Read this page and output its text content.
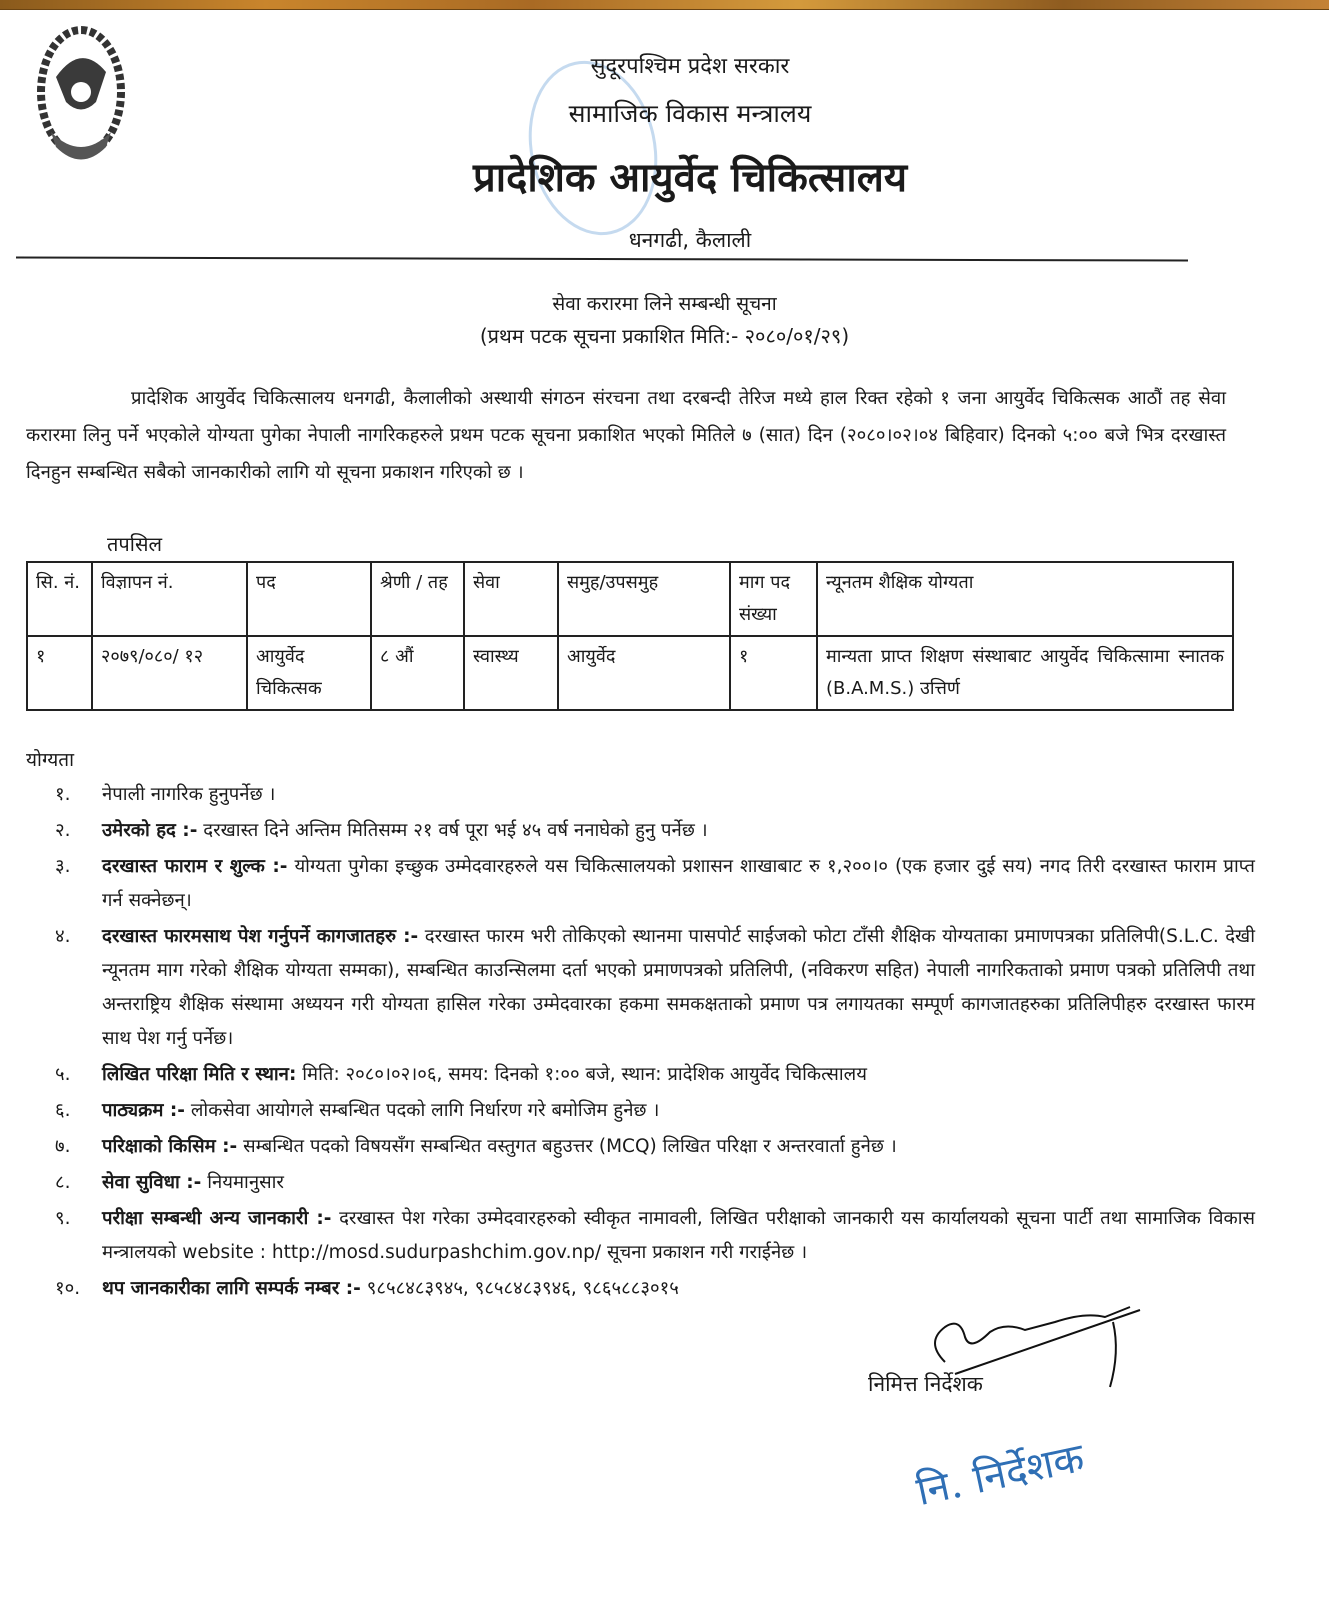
सुदूरपश्चिम प्रदेश सरकार
सामाजिक विकास मन्त्रालय
प्रादेशिक आयुर्वेद चिकित्सालय
धनगढी, कैलाली
सेवा करारमा लिने सम्बन्धी सूचना
(प्रथम पटक सूचना प्रकाशित मिति:- २०८०/०१/२९)
प्रादेशिक आयुर्वेद चिकित्सालय धनगढी, कैलालीको अस्थायी संगठन संरचना तथा दरबन्दी तेरिज मध्ये हाल रिक्त रहेको १ जना आयुर्वेद चिकित्सक आठौं तह सेवा करारमा लिनु पर्ने भएकोले योग्यता पुगेका नेपाली नागरिकहरुले प्रथम पटक सूचना प्रकाशित भएको मितिले ७ (सात) दिन (२०८०।०२।०४ बिहिवार) दिनको ५:०० बजे भित्र दरखास्त दिनहुन सम्बन्धित सबैको जानकारीको लागि यो सूचना प्रकाशन गरिएको छ ।
तपसिल
सि. नं.	विज्ञापन नं.	पद	श्रेणी / तह	सेवा	समुह/उपसमुह	माग पद संख्या	न्यूनतम शैक्षिक योग्यता
१	२०७९/०८०/ १२	आयुर्वेद चिकित्सक	८ औं	स्वास्थ्य	आयुर्वेद	१	मान्यता प्राप्त शिक्षण संस्थाबाट आयुर्वेद चिकित्सामा स्नातक (B.A.M.S.) उत्तिर्ण
योग्यता
१.	नेपाली नागरिक हुनुपर्नेछ ।
२.	उमेरको हद :- दरखास्त दिने अन्तिम मितिसम्म २१ वर्ष पूरा भई ४५ वर्ष ननाघेको हुनु पर्नेछ ।
३.	दरखास्त फाराम र शुल्क :- योग्यता पुगेका इच्छुक उम्मेदवारहरुले यस चिकित्सालयको प्रशासन शाखाबाट रु १,२००।० (एक हजार दुई सय) नगद तिरी दरखास्त फाराम प्राप्त गर्न सक्नेछन्।
४.	दरखास्त फारमसाथ पेश गर्नुपर्ने कागजातहरु :- दरखास्त फारम भरी तोकिएको स्थानमा पासपोर्ट साईजको फोटा टाँसी शैक्षिक योग्यताका प्रमाणपत्रका प्रतिलिपी(S.L.C. देखी न्यूनतम माग गरेको शैक्षिक योग्यता सम्मका), सम्बन्धित काउन्सिलमा दर्ता भएको प्रमाणपत्रको प्रतिलिपी, (नविकरण सहित) नेपाली नागरिकताको प्रमाण पत्रको प्रतिलिपी तथा अन्तराष्ट्रिय शैक्षिक संस्थामा अध्ययन गरी योग्यता हासिल गरेका उम्मेदवारका हकमा समकक्षताको प्रमाण पत्र लगायतका सम्पूर्ण कागजातहरुका प्रतिलिपीहरु दरखास्त फारम साथ पेश गर्नु पर्नेछ।
५.	लिखित परिक्षा मिति र स्थान: मिति: २०८०।०२।०६, समय: दिनको १:०० बजे, स्थान: प्रादेशिक आयुर्वेद चिकित्सालय
६.	पाठ्यक्रम :- लोकसेवा आयोगले सम्बन्धित पदको लागि निर्धारण गरे बमोजिम हुनेछ ।
७.	परिक्षाको किसिम :- सम्बन्धित पदको विषयसँग सम्बन्धित वस्तुगत बहुउत्तर (MCQ) लिखित परिक्षा र अन्तरवार्ता हुनेछ ।
८.	सेवा सुविधा :- नियमानुसार
९.	परीक्षा सम्बन्धी अन्य जानकारी :- दरखास्त पेश गरेका उम्मेदवारहरुको स्वीकृत नामावली, लिखित परीक्षाको जानकारी यस कार्यालयको सूचना पार्टी तथा सामाजिक विकास मन्त्रालयको website : http://mosd.sudurpashchim.gov.np/ सूचना प्रकाशन गरी गराईनेछ ।
१०.	थप जानकारीका लागि सम्पर्क नम्बर :- ९८५८४८३९४५, ९८५८४८३९४६, ९८६५८८३०१५
निमित्त निर्देशक
नि. निर्देशक
